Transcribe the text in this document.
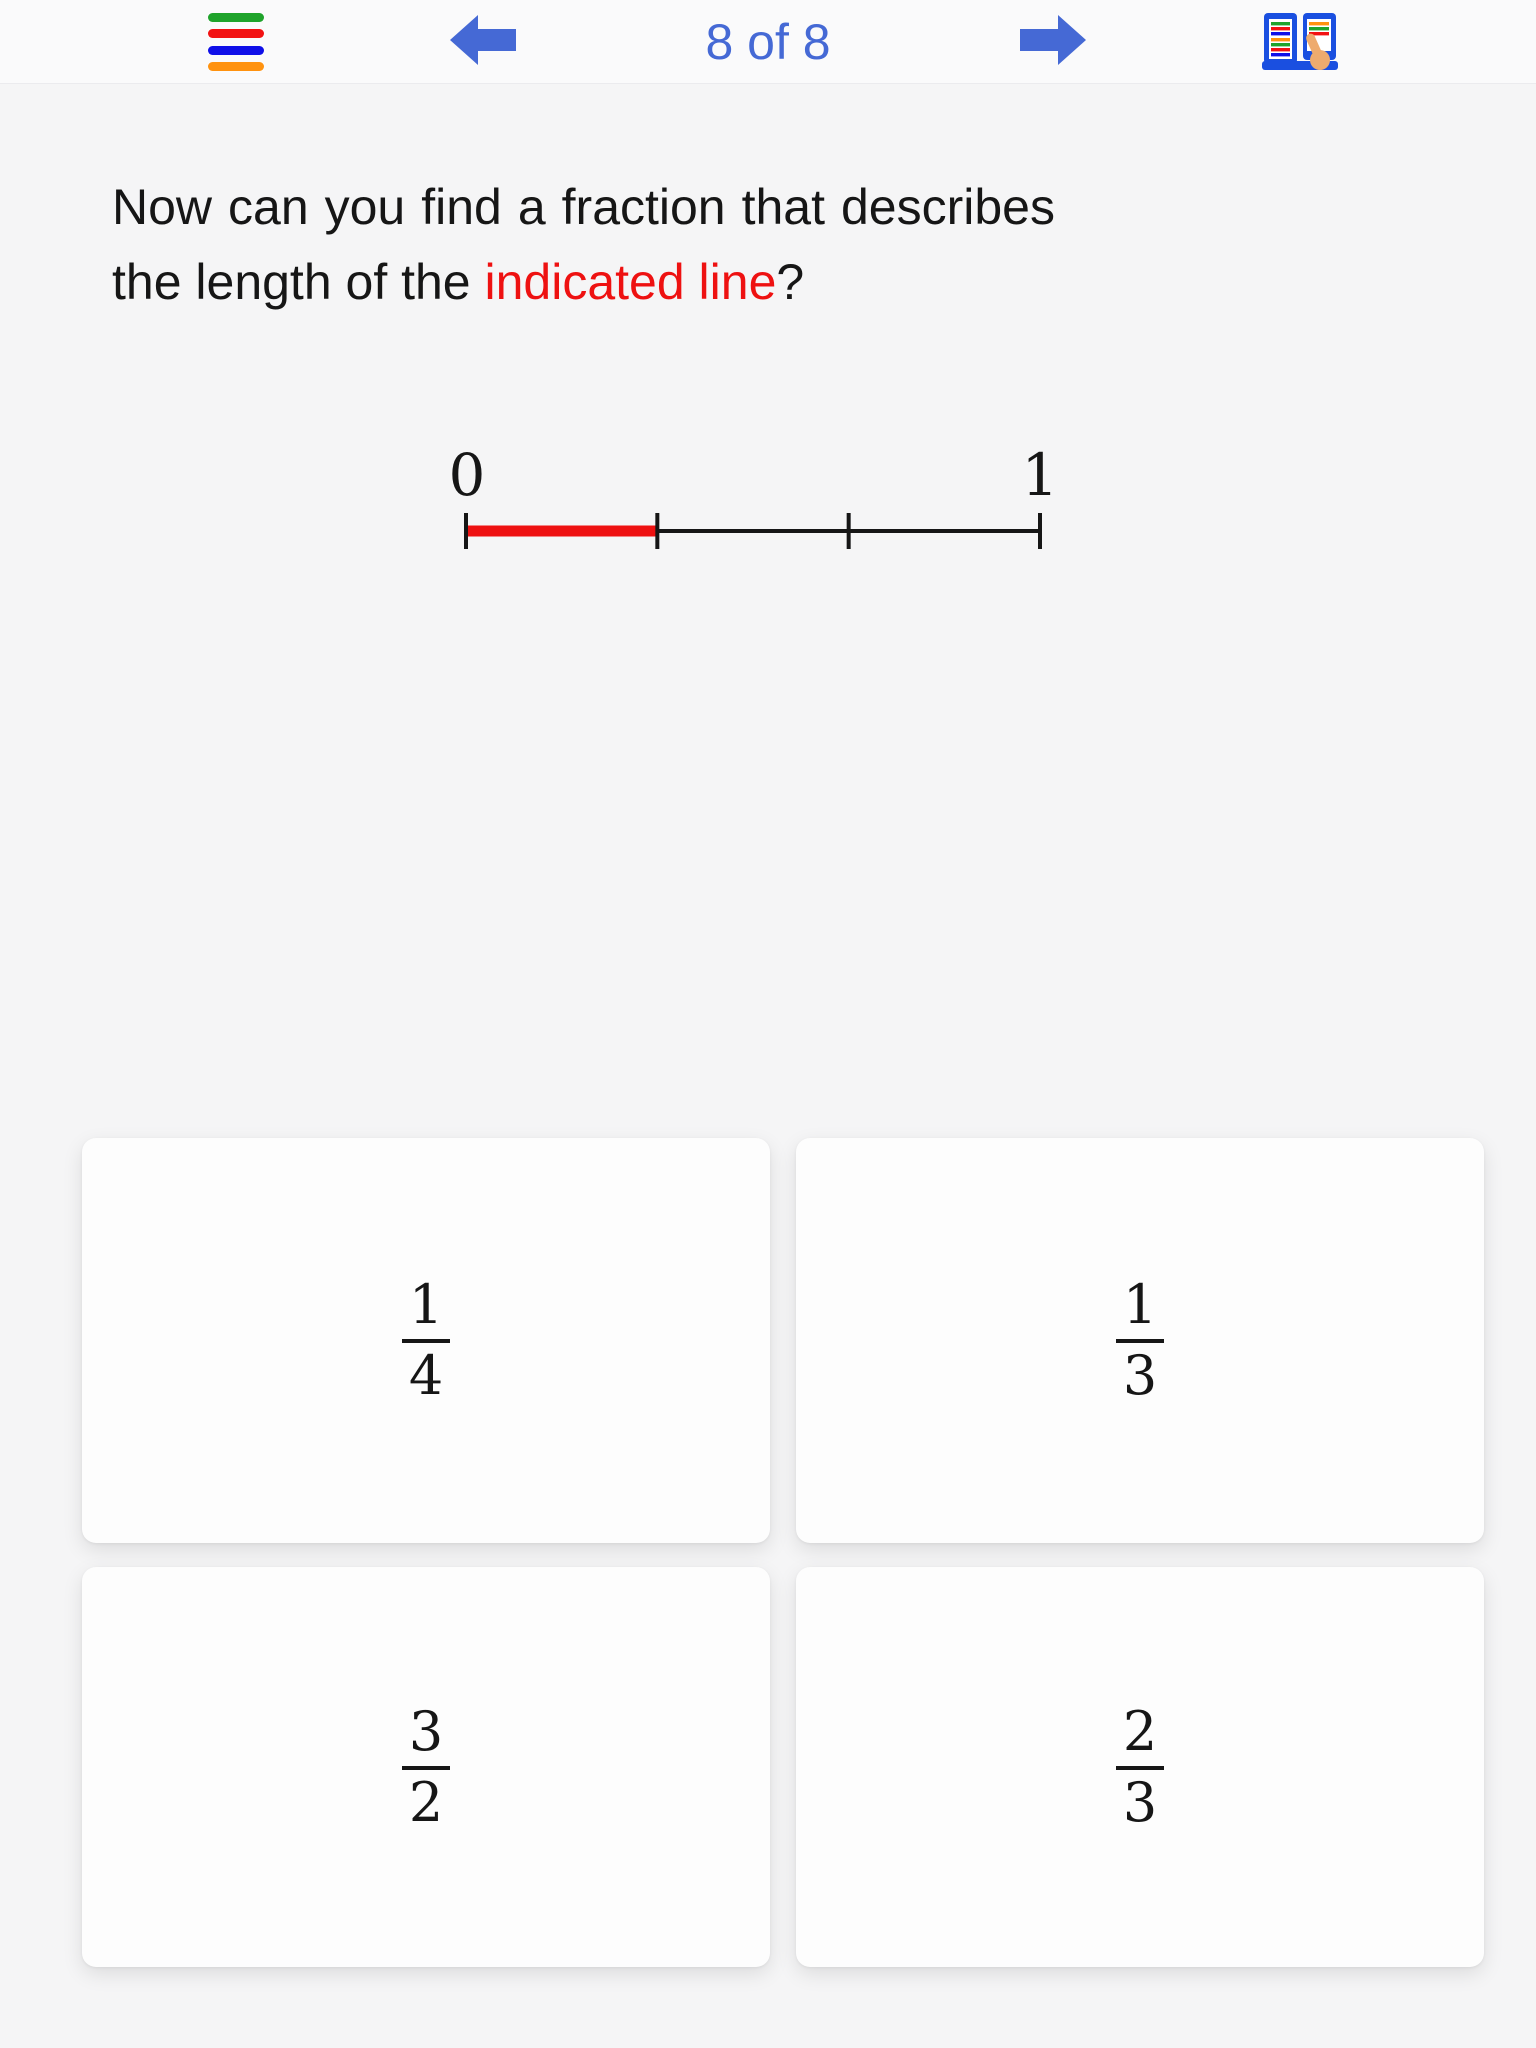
8 of 8
Now can you find a fraction that describes
the length of the indicated line?
0	1
$\frac{1}{4}$	$\frac{1}{3}$
$\frac{3}{2}$	$\frac{2}{3}$
